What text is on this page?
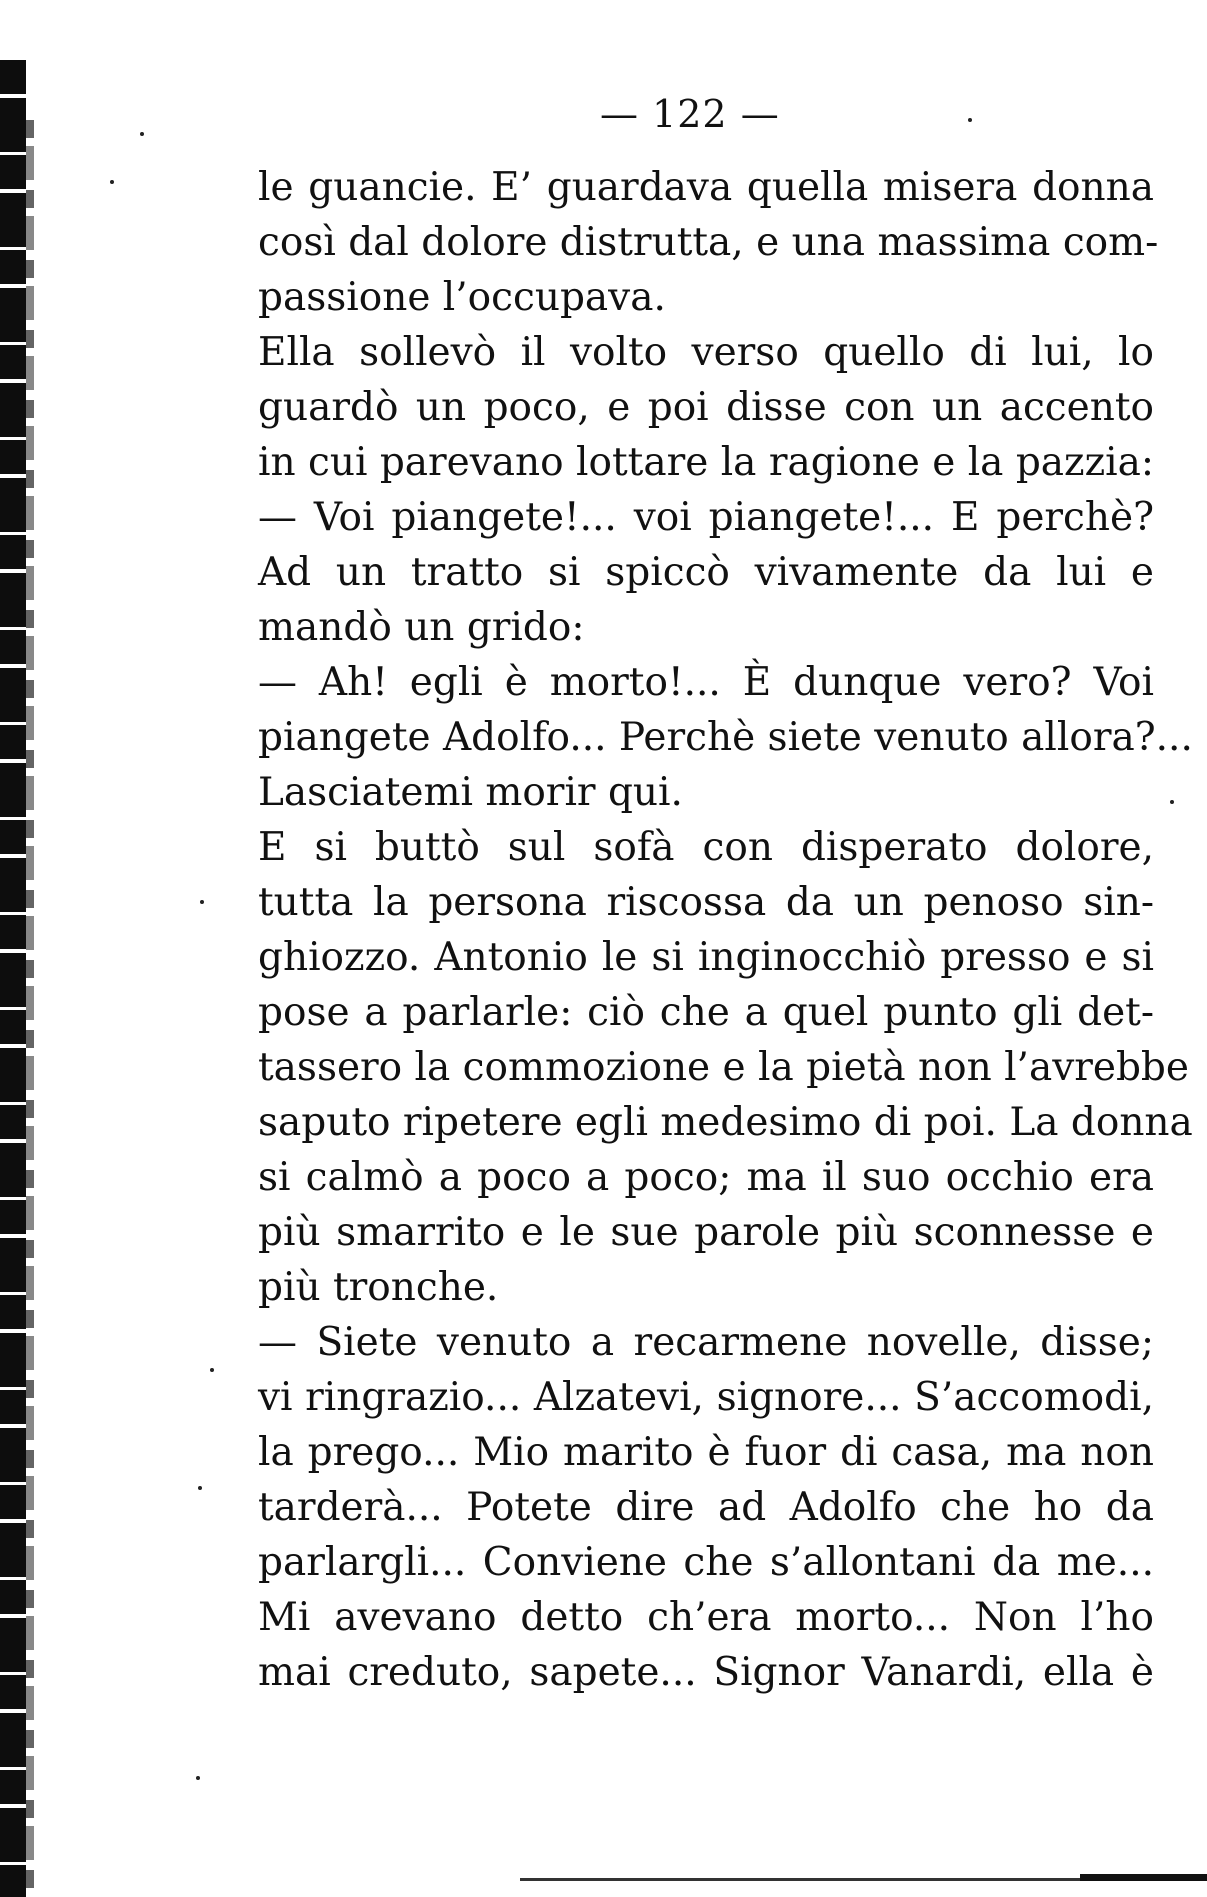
— 122 —
le guancie. E’ guardava quella misera donna
così dal dolore distrutta, e una massima com-
passione l’occupava.
Ella sollevò il volto verso quello di lui, lo
guardò un poco, e poi disse con un accento
in cui parevano lottare la ragione e la pazzia:
— Voi piangete!... voi piangete!... E perchè?
Ad un tratto si spiccò vivamente da lui e
mandò un grido:
— Ah! egli è morto!... È dunque vero? Voi
piangete Adolfo... Perchè siete venuto allora?...
Lasciatemi morir qui.
E si buttò sul sofà con disperato dolore,
tutta la persona riscossa da un penoso sin-
ghiozzo. Antonio le si inginocchiò presso e si
pose a parlarle: ciò che a quel punto gli det-
tassero la commozione e la pietà non l’avrebbe
saputo ripetere egli medesimo di poi. La donna
si calmò a poco a poco; ma il suo occhio era
più smarrito e le sue parole più sconnesse e
più tronche.
— Siete venuto a recarmene novelle, disse;
vi ringrazio... Alzatevi, signore... S’accomodi,
la prego... Mio marito è fuor di casa, ma non
tarderà... Potete dire ad Adolfo che ho da
parlargli... Conviene che s’allontani da me...
Mi avevano detto ch’era morto... Non l’ho
mai creduto, sapete... Signor Vanardi, ella è
